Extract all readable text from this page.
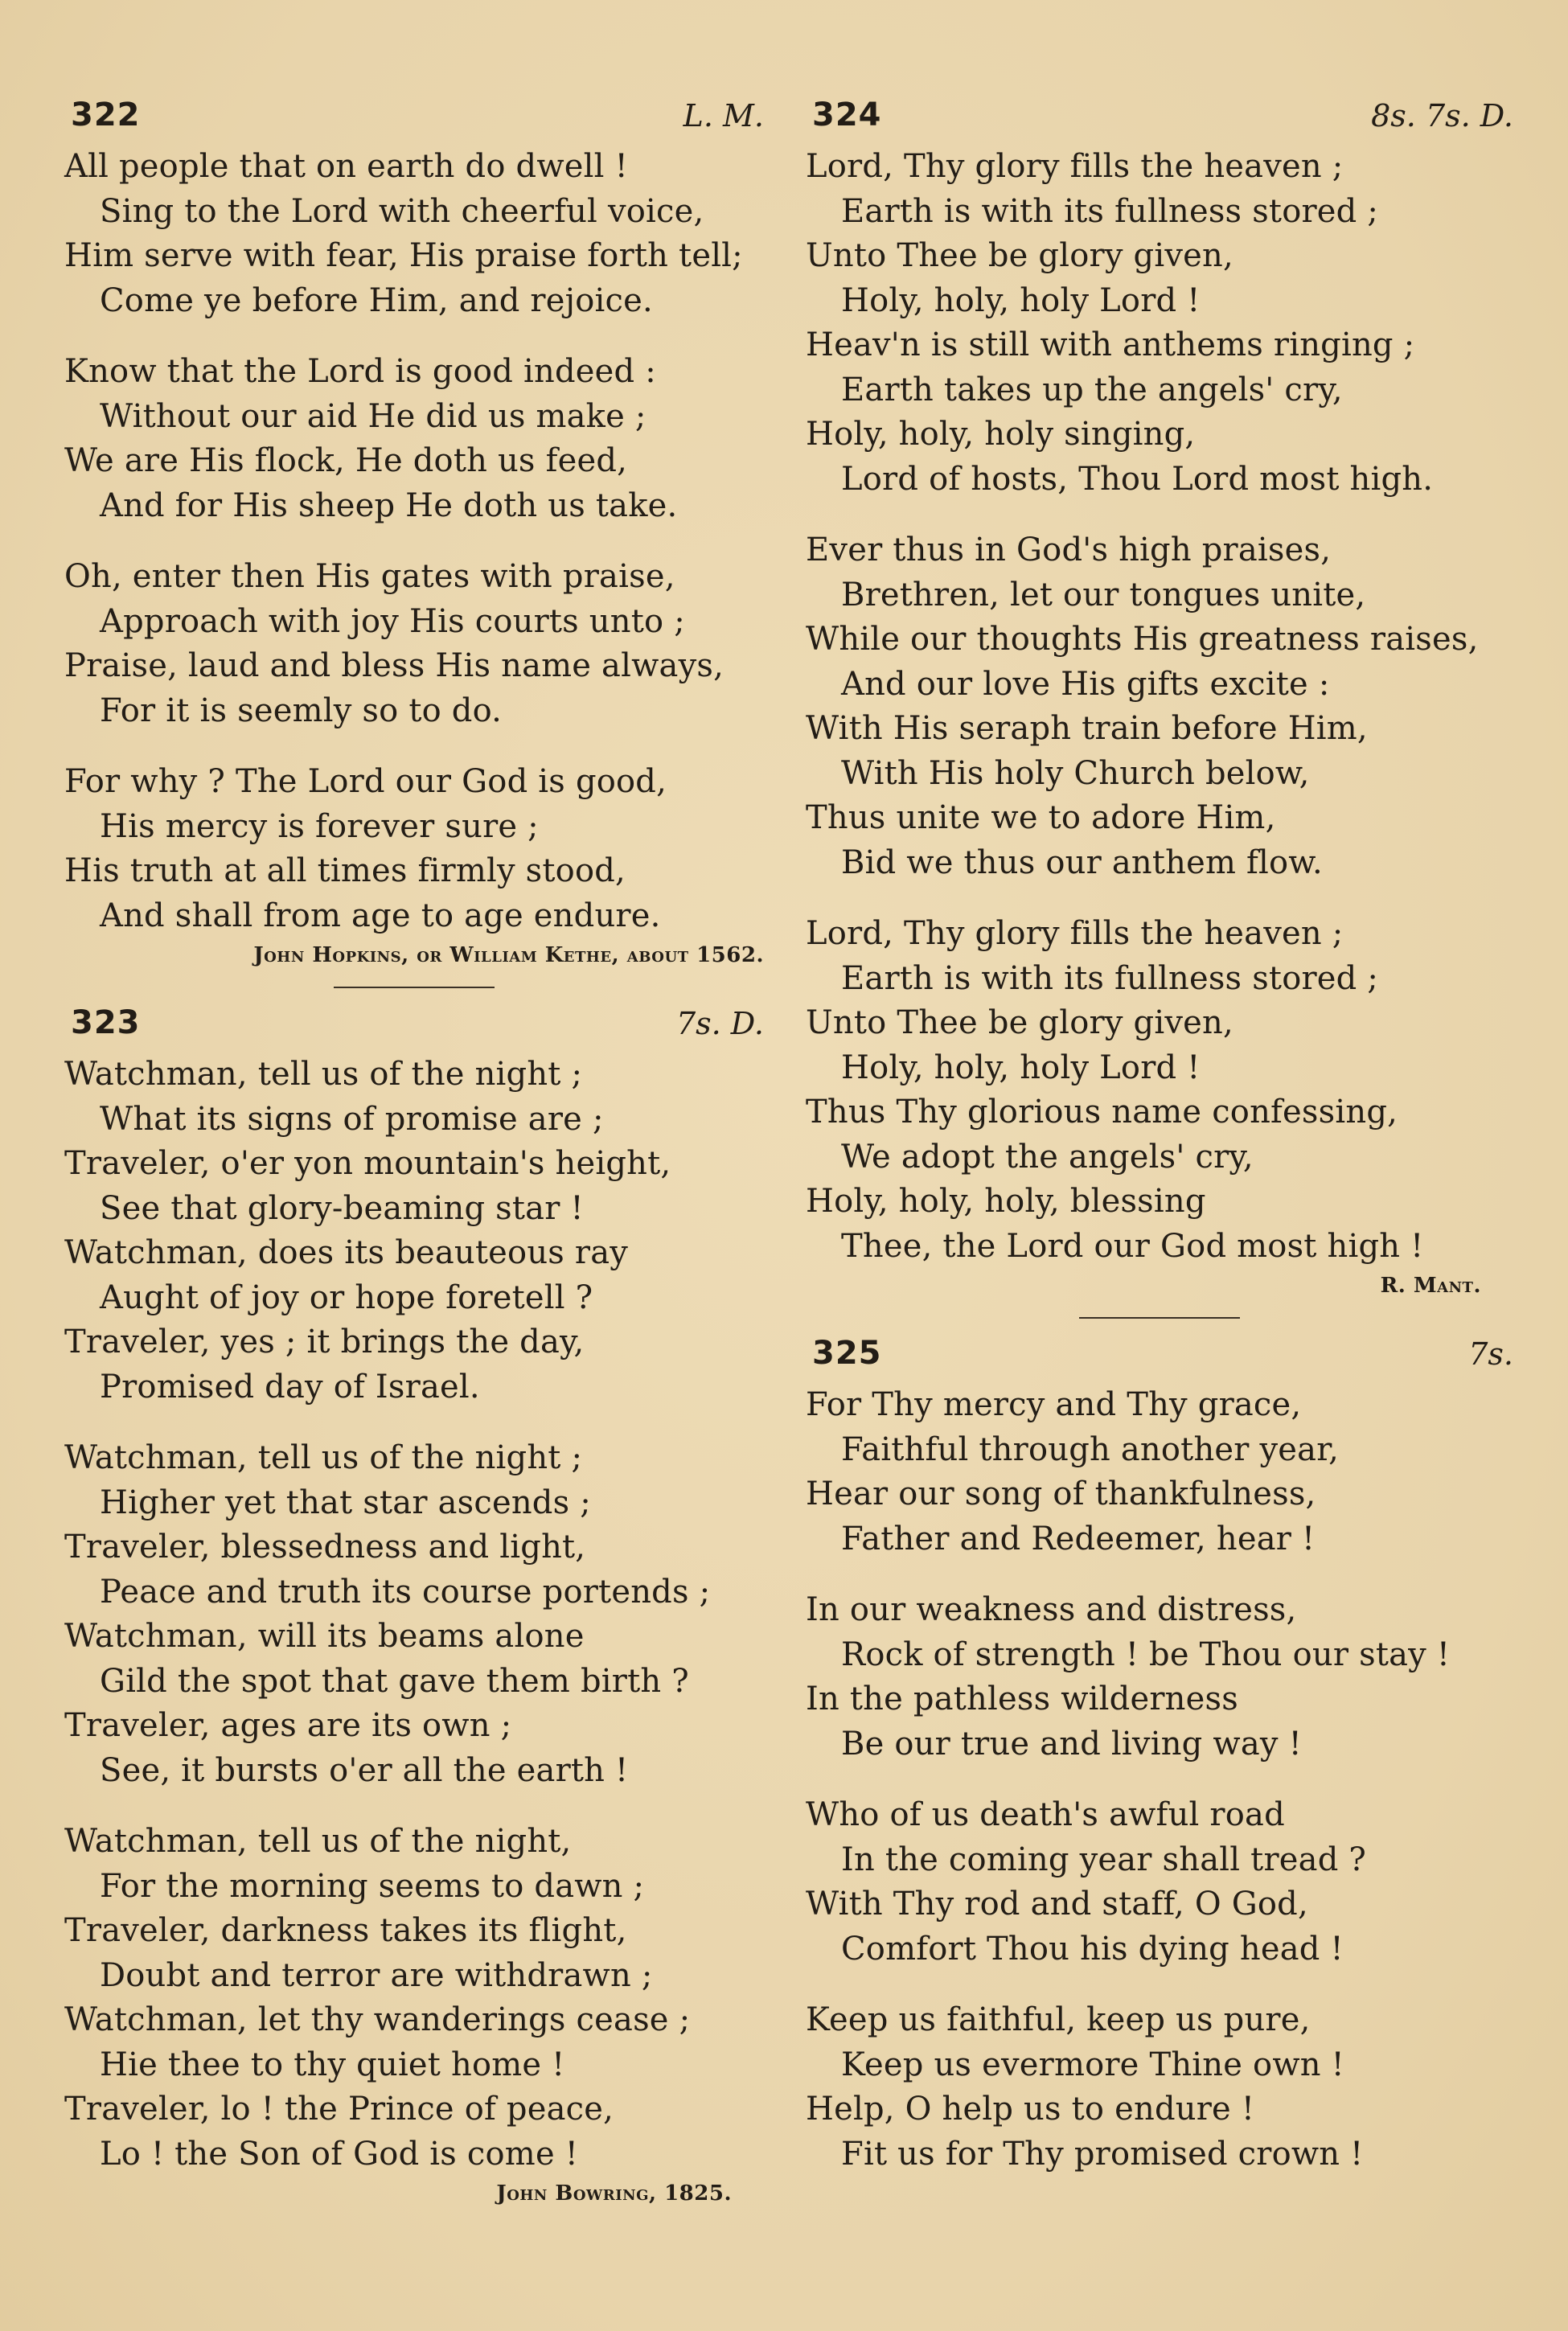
322	L. M.
All people that on earth do dwell !
Sing to the Lord with cheerful voice,
Him serve with fear, His praise forth tell;
Come ye before Him, and rejoice.
Know that the Lord is good indeed :
Without our aid He did us make ;
We are His flock, He doth us feed,
And for His sheep He doth us take.
Oh, enter then His gates with praise,
Approach with joy His courts unto ;
Praise, laud and bless His name always,
For it is seemly so to do.
For why ? The Lord our God is good,
His mercy is forever sure ;
His truth at all times firmly stood,
And shall from age to age endure.
John Hopkins, or William Kethe, about 1562.
323	7s. D.
Watchman, tell us of the night ;
What its signs of promise are ;
Traveler, o'er yon mountain's height,
See that glory-beaming star !
Watchman, does its beauteous ray
Aught of joy or hope foretell ?
Traveler, yes ; it brings the day,
Promised day of Israel.
Watchman, tell us of the night ;
Higher yet that star ascends ;
Traveler, blessedness and light,
Peace and truth its course portends ;
Watchman, will its beams alone
Gild the spot that gave them birth ?
Traveler, ages are its own ;
See, it bursts o'er all the earth !
Watchman, tell us of the night,
For the morning seems to dawn ;
Traveler, darkness takes its flight,
Doubt and terror are withdrawn ;
Watchman, let thy wanderings cease ;
Hie thee to thy quiet home !
Traveler, lo ! the Prince of peace,
Lo ! the Son of God is come !
John Bowring, 1825.
324	8s. 7s. D.
Lord, Thy glory fills the heaven ;
Earth is with its fullness stored ;
Unto Thee be glory given,
Holy, holy, holy Lord !
Heav'n is still with anthems ringing ;
Earth takes up the angels' cry,
Holy, holy, holy singing,
Lord of hosts, Thou Lord most high.
Ever thus in God's high praises,
Brethren, let our tongues unite,
While our thoughts His greatness raises,
And our love His gifts excite :
With His seraph train before Him,
With His holy Church below,
Thus unite we to adore Him,
Bid we thus our anthem flow.
Lord, Thy glory fills the heaven ;
Earth is with its fullness stored ;
Unto Thee be glory given,
Holy, holy, holy Lord !
Thus Thy glorious name confessing,
We adopt the angels' cry,
Holy, holy, holy, blessing
Thee, the Lord our God most high !
R. Mant.
325	7s.
For Thy mercy and Thy grace,
Faithful through another year,
Hear our song of thankfulness,
Father and Redeemer, hear !
In our weakness and distress,
Rock of strength ! be Thou our stay !
In the pathless wilderness
Be our true and living way !
Who of us death's awful road
In the coming year shall tread ?
With Thy rod and staff, O God,
Comfort Thou his dying head !
Keep us faithful, keep us pure,
Keep us evermore Thine own !
Help, O help us to endure !
Fit us for Thy promised crown !
